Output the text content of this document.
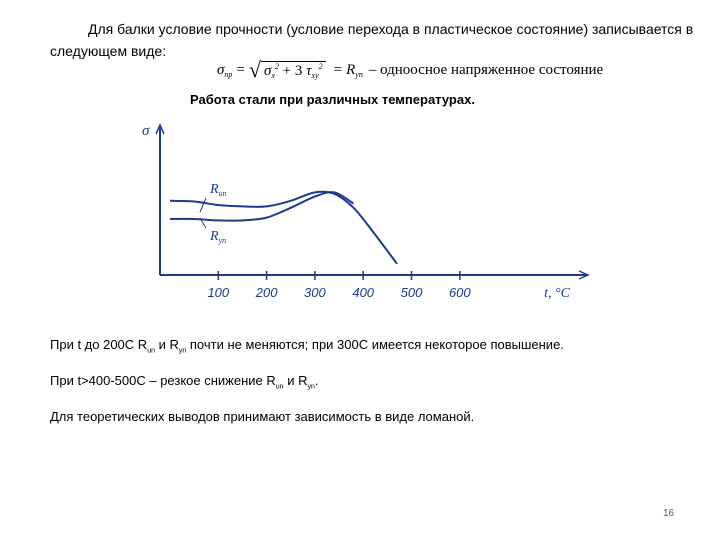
Для балки условие прочности (условие перехода в пластическое состояние) записывается в следующем виде:
$\sigma_{пр}$ = √ $\sigma_x^2 + 3$ $\tau_{xy}^2 = R_{yn}$ – одноосное напряженное состояние
Работа стали при различных температурах.
σ
100 200 300 400 500 600	t, °C
$R_{un}$
$R_{yn}$
При t до 200С $R_{un}$ и $R_{yn}$ почти не меняются; при 300С имеется некоторое повышение.
При t>400-500С – резкое снижение $R_{un}$ и $R_{yn}$.
Для теоретических выводов принимают зависимость в виде ломаной.
16
